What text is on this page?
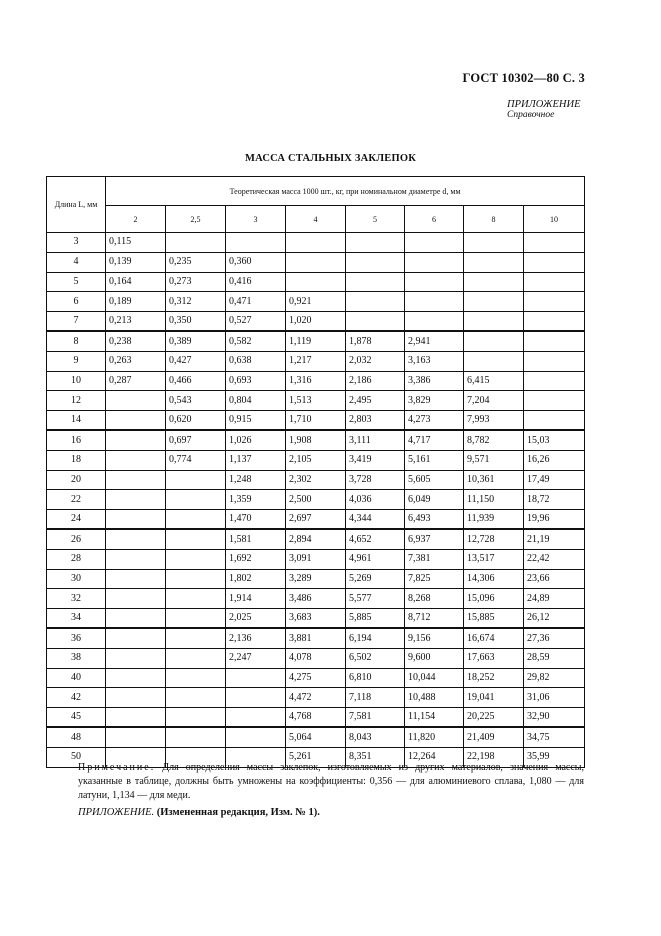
ГОСТ 10302—80 С. 3
ПРИЛОЖЕНИЕ
Справочное
МАССА СТАЛЬНЫХ ЗАКЛЕПОК
Длина L, мм	Теоретическая масса 1000 шт., кг, при номинальном диаметре d, мм							
	2	2,5	3	4	5	6	8	10
3	0,115							
4	0,139	0,235	0,360					
5	0,164	0,273	0,416					
6	0,189	0,312	0,471	0,921				
7	0,213	0,350	0,527	1,020				
8	0,238	0,389	0,582	1,119	1,878	2,941		
9	0,263	0,427	0,638	1,217	2,032	3,163		
10	0,287	0,466	0,693	1,316	2,186	3,386	6,415	
12		0,543	0,804	1,513	2,495	3,829	7,204	
14		0,620	0,915	1,710	2,803	4,273	7,993	
16		0,697	1,026	1,908	3,111	4,717	8,782	15,03
18		0,774	1,137	2,105	3,419	5,161	9,571	16,26
20			1,248	2,302	3,728	5,605	10,361	17,49
22			1,359	2,500	4,036	6,049	11,150	18,72
24			1,470	2,697	4,344	6,493	11,939	19,96
26			1,581	2,894	4,652	6,937	12,728	21,19
28			1,692	3,091	4,961	7,381	13,517	22,42
30			1,802	3,289	5,269	7,825	14,306	23,66
32			1,914	3,486	5,577	8,268	15,096	24,89
34			2,025	3,683	5,885	8,712	15,885	26,12
36			2,136	3,881	6,194	9,156	16,674	27,36
38			2,247	4,078	6,502	9,600	17,663	28,59
40				4,275	6,810	10,044	18,252	29,82
42				4,472	7,118	10,488	19,041	31,06
45				4,768	7,581	11,154	20,225	32,90
48				5,064	8,043	11,820	21,409	34,75
50				5,261	8,351	12,264	22,198	35,99
Примечание. Для определения массы заклепок, изготовляемых из других материалов, значения массы, указанные в таблице, должны быть умножены на коэффициенты: 0,356 — для алюминиевого сплава, 1,080 — для латуни, 1,134 — для меди.
ПРИЛОЖЕНИЕ. (Измененная редакция, Изм. № 1).
